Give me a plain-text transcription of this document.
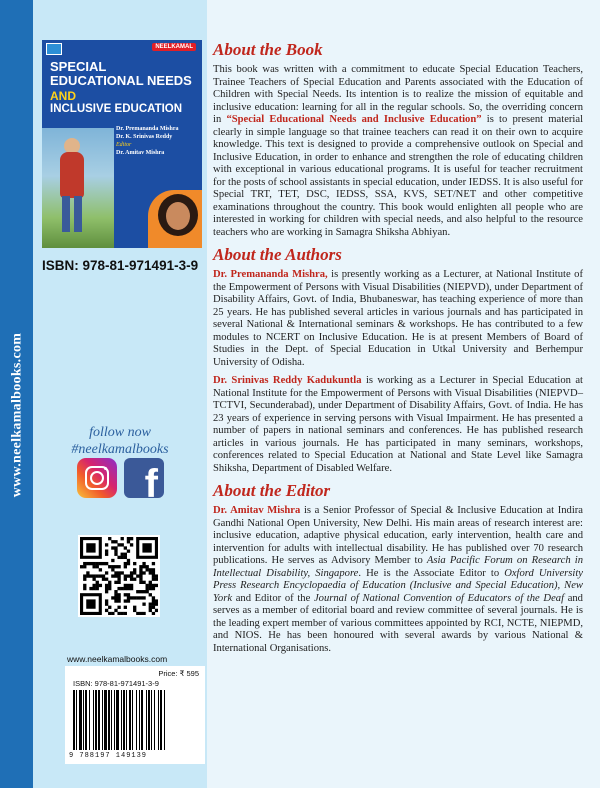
www.neelkamalbooks.com
NEELKAMAL
SPECIAL EDUCATIONAL NEEDS
AND
INCLUSIVE EDUCATION
Dr. Premananda Mishra
Dr. K. Srinivas Reddy
Editor
Dr. Amitav Mishra
ISBN: 978-81-971491-3-9
follow now
#neelkamalbooks
f
www.neelkamalbooks.com
Price: ₹ 595
ISBN: 978-81-971491-3-9
9 788197 149139
About the Book

This book was written with a commitment to educate Special Education Teachers, Trainee Teachers of Special Education and Parents associated with the Education of Children with Special Needs. Its intention is to realize the mission of equitable and inclusive education: learning for all in the regular schools. So, the overriding concern in “Special Educational Needs and Inclusive Education” is to present material clearly in simple language so that trainee teachers can read it on their own to acquire knowledge. This text is designed to provide a comprehensive outlook on Special and Inclusive Education, in order to enhance and strengthen the role of educating children with exceptional in various educational programs. It is useful for teacher recruitment for the posts of school assistants in special education, under IEDSS. It is also useful for Special TRT, TET, DSC, IEDSS, SSA, KVS, SET/NET and other competitive examinations throughout the country. This book would enlighten all people who are interested in working for children with special needs, and also helpful to the resource teachers who are working in Samagra Shiksha Abhiyan.

About the Authors

Dr. Premananda Mishra, is presently working as a Lecturer, at National Institute of the Empowerment of Persons with Visual Disabilities (NIEPVD), under Department of Disability Affairs, Govt. of India, Bhubaneswar, has teaching experience of more than 25 years. He has published several articles in various journals and has participated in several National & International seminars & workshops. He has contributed to a few modules to NCERT on Inclusive Education. He is at present Members of Board of Studies in the Dept. of Special Education in Utkal University and Berhempur University of Odisha.

Dr. Srinivas Reddy Kadukuntla is working as a Lecturer in Special Education at National Institute for the Empowerment of Persons with Visual Disabilities (NIEPVD–TCTVI, Secunderabad), under Department of Disability Affairs, Govt. of India. He has 23 years of experience in serving persons with Visual Impairment. He has presented a number of papers in national seminars and conferences. He has published research articles in various journals. He has participated in many seminars, workshops, conferences related to Special Education at National and State Level like Samagra Shiksha, Department of Disabled Welfare.

About the Editor

Dr. Amitav Mishra is a Senior Professor of Special & Inclusive Education at Indira Gandhi National Open University, New Delhi. His main areas of research interest are: inclusive education, adaptive physical education, early intervention, health care and intervention for adults with intellectual disability. He has published over 70 research publications. He serves as Advisory Member to Asia Pacific Forum on Research in Intellectual Disability, Singapore. He is the Associate Editor to Oxford University Press Research Encyclopaedia of Education (Inclusive and Special Education), New York and Editor of the Journal of National Convention of Educators of the Deaf and serves as a member of editorial board and review committee of several journals. He is the leading expert member of various committees appointed by RCI, NCTE, NIEPMD, and NIOS. He has been honoured with several awards by various National & International Organisations.
